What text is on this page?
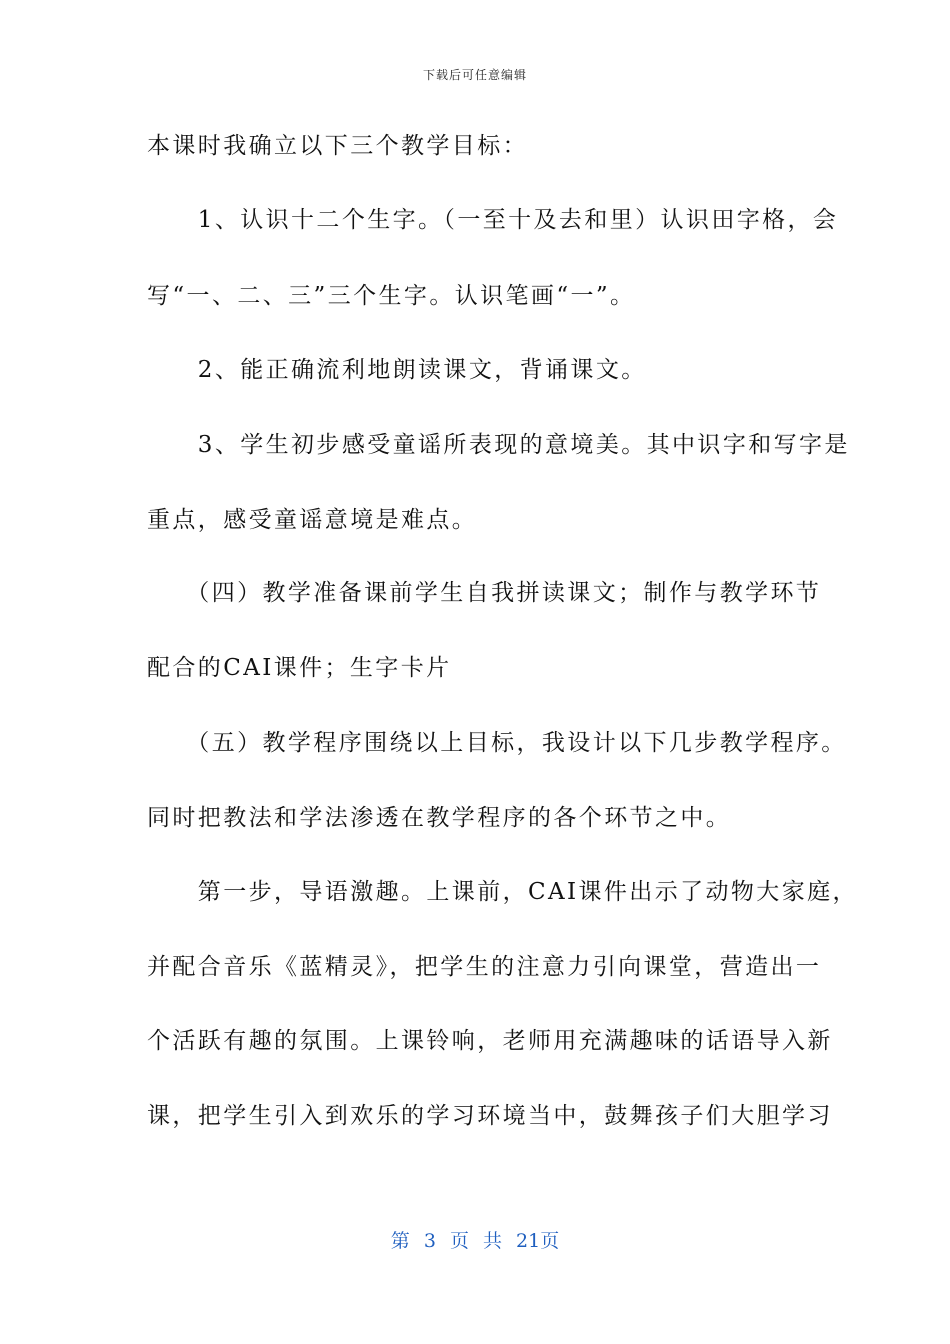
下载后可任意编辑
本课时我确立以下三个教学目标：
　　1、认识十二个生字。（一至十及去和里）认识田字格，会
写“一、二、三”三个生字。认识笔画“一”。
　　2、能正确流利地朗读课文，背诵课文。
　　3、学生初步感受童谣所表现的意境美。其中识字和写字是
重点，感受童谣意境是难点。
　　（四）教学准备课前学生自我拼读课文；制作与教学环节
配合的CAI课件；生字卡片
　　（五）教学程序围绕以上目标，我设计以下几步教学程序。
同时把教法和学法渗透在教学程序的各个环节之中。
　　第一步，导语激趣。上课前，CAI课件出示了动物大家庭，
并配合音乐《蓝精灵》，把学生的注意力引向课堂，营造出一
个活跃有趣的氛围。上课铃响，老师用充满趣味的话语导入新
课，把学生引入到欢乐的学习环境当中，鼓舞孩子们大胆学习
第 3 页 共 21页
